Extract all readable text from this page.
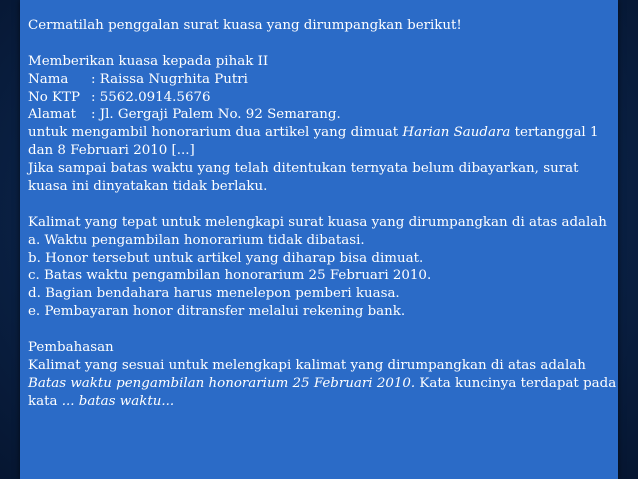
Cermatilah penggalan surat kuasa yang dirumpangkan berikut!
Memberikan kuasa kepada pihak II
Nama : Raissa Nugrhita Putri
No KTP : 5562.0914.5676
Alamat : Jl. Gergaji Palem No. 92 Semarang.
untuk mengambil honorarium dua artikel yang dimuat Harian Saudara tertanggal 1
dan 8 Februari 2010 [...]
Jika sampai batas waktu yang telah ditentukan ternyata belum dibayarkan, surat
kuasa ini dinyatakan tidak berlaku.
Kalimat yang tepat untuk melengkapi surat kuasa yang dirumpangkan di atas adalah
a. Waktu pengambilan honorarium tidak dibatasi.
b. Honor tersebut untuk artikel yang diharap bisa dimuat.
c. Batas waktu pengambilan honorarium 25 Februari 2010.
d. Bagian bendahara harus menelepon pemberi kuasa.
e. Pembayaran honor ditransfer melalui rekening bank.
Pembahasan
Kalimat yang sesuai untuk melengkapi kalimat yang dirumpangkan di atas adalah
Batas waktu pengambilan honorarium 25 Februari 2010. Kata kuncinya terdapat pada
kata ... batas waktu...
